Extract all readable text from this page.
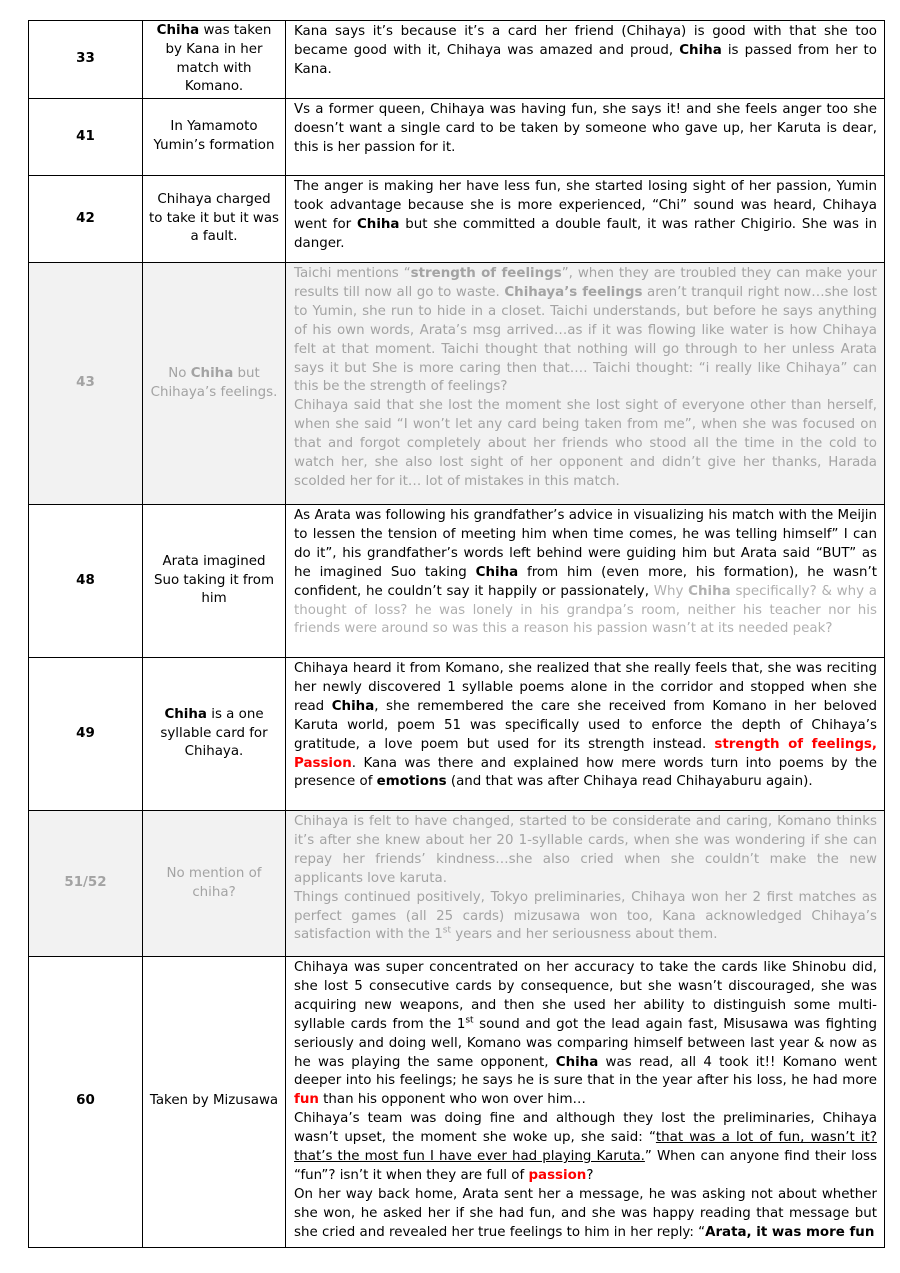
33	Chiha was taken by Kana in her match with Komano.	Kana says it’s because it’s a card her friend (Chihaya) is good with that she too became good with it, Chihaya was amazed and proud, Chiha is passed from her to Kana.

41	In Yamamoto Yumin’s formation	Vs a former queen, Chihaya was having fun, she says it! and she feels anger too she doesn’t want a single card to be taken by someone who gave up, her Karuta is dear, this is her passion for it.

42	Chihaya charged to take it but it was a fault.	The anger is making her have less fun, she started losing sight of her passion, Yumin took advantage because she is more experienced, “Chi” sound was heard, Chihaya went for Chiha but she committed a double fault, it was rather Chigirio. She was in danger.

43	No Chiha but Chihaya’s feelings.	Taichi mentions “strength of feelings”, when they are troubled they can make your results till now all go to waste. Chihaya’s feelings aren’t tranquil right now…she lost to Yumin, she run to hide in a closet. Taichi understands, but before he says anything of his own words, Arata’s msg arrived…as if it was flowing like water is how Chihaya felt at that moment. Taichi thought that nothing will go through to her unless Arata says it but She is more caring then that…. Taichi thought: “i really like Chihaya” can this be the strength of feelings?

Chihaya said that she lost the moment she lost sight of everyone other than herself, when she said “I won’t let any card being taken from me”, when she was focused on that and forgot completely about her friends who stood all the time in the cold to watch her, she also lost sight of her opponent and didn’t give her thanks, Harada scolded her for it… lot of mistakes in this match.

48	Arata imagined Suo taking it from him	As Arata was following his grandfather’s advice in visualizing his match with the Meijin to lessen the tension of meeting him when time comes, he was telling himself” I can do it”, his grandfather’s words left behind were guiding him but Arata said “BUT” as he imagined Suo taking Chiha from him (even more, his formation), he wasn’t confident, he couldn’t say it happily or passionately, Why Chiha specifically? & why a thought of loss? he was lonely in his grandpa’s room, neither his teacher nor his friends were around so was this a reason his passion wasn’t at its needed peak?

49	Chiha is a one syllable card for Chihaya.	Chihaya heard it from Komano, she realized that she really feels that, she was reciting her newly discovered 1 syllable poems alone in the corridor and stopped when she read Chiha, she remembered the care she received from Komano in her beloved Karuta world, poem 51 was specifically used to enforce the depth of Chihaya’s gratitude, a love poem but used for its strength instead. strength of feelings, Passion. Kana was there and explained how mere words turn into poems by the presence of emotions (and that was after Chihaya read Chihayaburu again).

51/52	No mention of chiha?	Chihaya is felt to have changed, started to be considerate and caring, Komano thinks it’s after she knew about her 20 1-syllable cards, when she was wondering if she can repay her friends’ kindness…she also cried when she couldn’t make the new applicants love karuta.

Things continued positively, Tokyo preliminaries, Chihaya won her 2 first matches as perfect games (all 25 cards) mizusawa won too, Kana acknowledged Chihaya’s satisfaction with the 1st years and her seriousness about them.

60	Taken by Mizusawa	Chihaya was super concentrated on her accuracy to take the cards like Shinobu did, she lost 5 consecutive cards by consequence, but she wasn’t discouraged, she was acquiring new weapons, and then she used her ability to distinguish some multi-syllable cards from the 1st sound and got the lead again fast, Misusawa was fighting seriously and doing well, Komano was comparing himself between last year & now as he was playing the same opponent, Chiha was read, all 4 took it!! Komano went deeper into his feelings; he says he is sure that in the year after his loss, he had more fun than his opponent who won over him…

Chihaya’s team was doing fine and although they lost the preliminaries, Chihaya wasn’t upset, the moment she woke up, she said: “that was a lot of fun, wasn’t it? that’s the most fun I have ever had playing Karuta.” When can anyone find their loss “fun”? isn’t it when they are full of passion?

On her way back home, Arata sent her a message, he was asking not about whether she won, he asked her if she had fun, and she was happy reading that message but she cried and revealed her true feelings to him in her reply: “Arata, it was more fun
